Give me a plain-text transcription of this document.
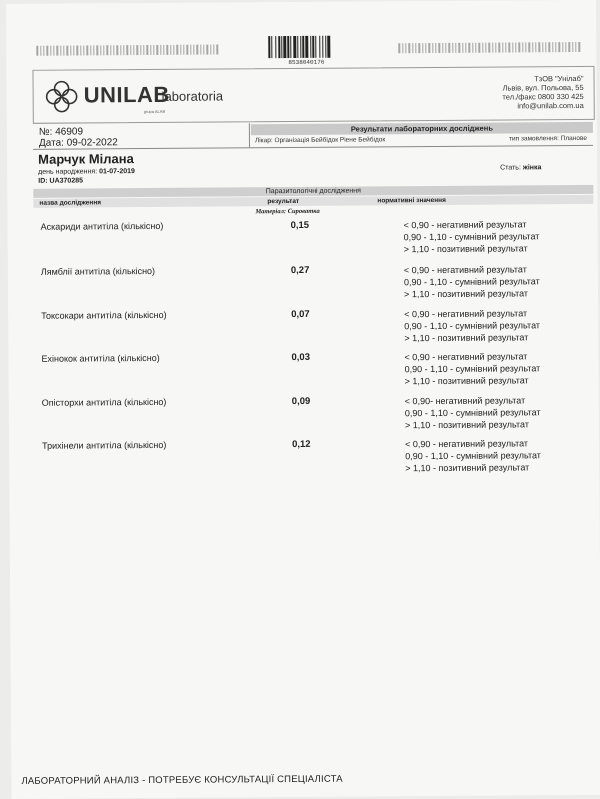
8538040176
UNILAB
laboratoria
grupa ALAB
ТзОВ "Унілаб"
Львів, вул. Польова, 55
тел./факс 0800 330 425
info@unilab.com.ua
№: 46909
Дата: 09-02-2022
Результати лабораторних досліджень
Лікар: Організація Бейбідок Ріене Бейбідок	тип замовлення: Планове
Марчук Мілана
день народження: 01-07-2019
ID: UA370285
Стать: жінка
Паразитологічні дослідження
назва дослідження	результат	нормативні значення
Матеріал: Сироватка
Аскариди антитіла (кількісно)	0,15	< 0,90 - негативний результат
0,90 - 1,10 - сумнівний результат
> 1,10 - позитивний результат
Лямблії антитіла (кількісно)	0,27	< 0,90 - негативний результат
0,90 - 1,10 - сумнівний результат
> 1,10 - позитивний результат
Токсокари антитіла (кількісно)	0,07	< 0,90 - негативний результат
0,90 - 1,10 - сумнівний результат
> 1,10 - позитивний результат
Ехінокок антитіла (кількісно)	0,03	< 0,90 - негативний результат
0,90 - 1,10 - сумнівний результат
> 1,10 - позитивний результат
Опісторхи антитіла (кількісно)	0,09	< 0,90- негативний результат
0,90 - 1,10 - сумнівний результат
> 1,10 - позитивний результат
Трихінели антитіла (кількісно)	0,12	< 0,90 - негативний результат
0,90 - 1,10 - сумнівний результат
> 1,10 - позитивний результат
ЛАБОРАТОРНИЙ АНАЛІЗ - ПОТРЕБУЄ КОНСУЛЬТАЦІЇ СПЕЦІАЛІСТА
